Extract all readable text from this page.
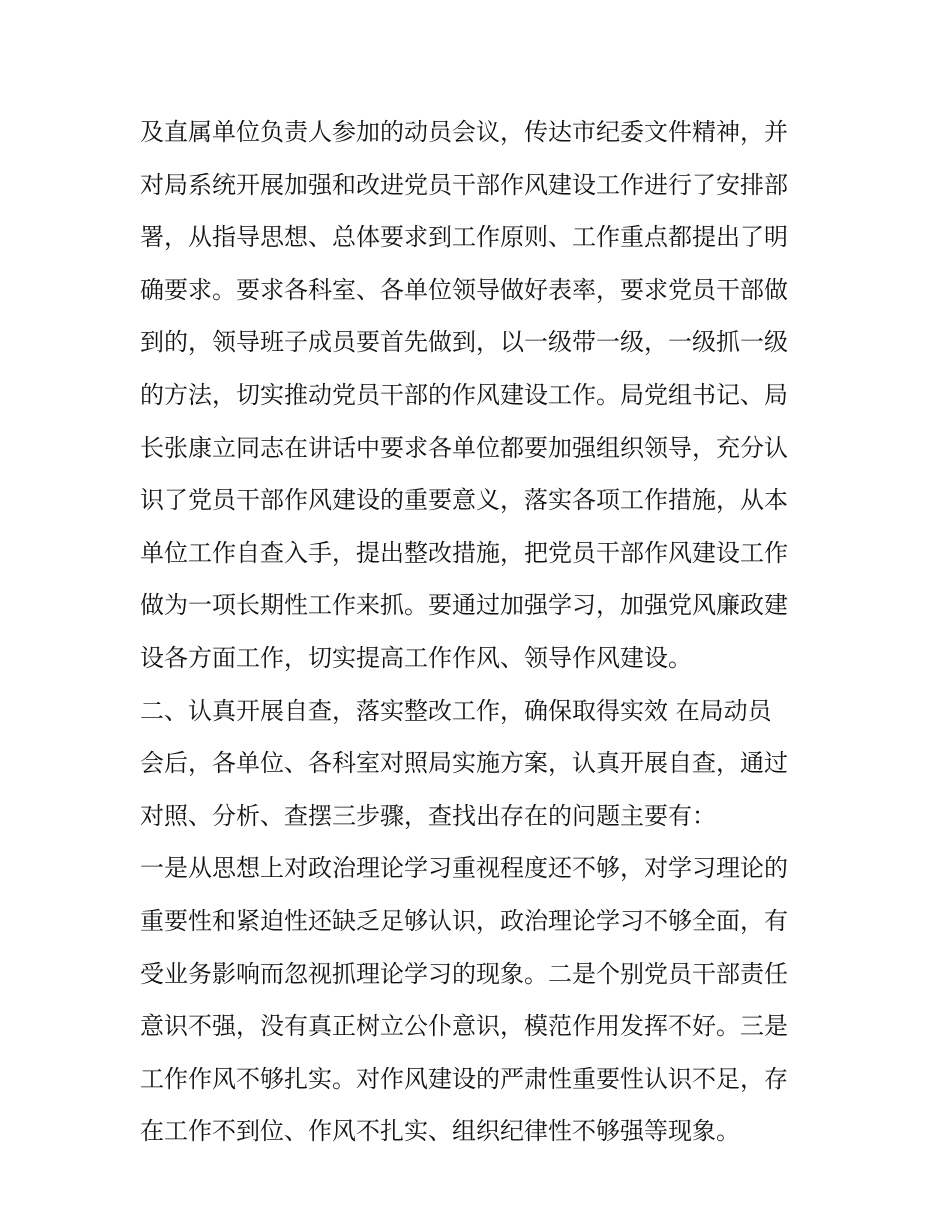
及直属单位负责人参加的动员会议，传达市纪委文件精神，并
对局系统开展加强和改进党员干部作风建设工作进行了安排部
署，从指导思想、总体要求到工作原则、工作重点都提出了明
确要求。要求各科室、各单位领导做好表率，要求党员干部做
到的，领导班子成员要首先做到，以一级带一级，一级抓一级
的方法，切实推动党员干部的作风建设工作。局党组书记、局
长张康立同志在讲话中要求各单位都要加强组织领导，充分认
识了党员干部作风建设的重要意义，落实各项工作措施，从本
单位工作自查入手，提出整改措施，把党员干部作风建设工作
做为一项长期性工作来抓。要通过加强学习，加强党风廉政建
设各方面工作，切实提高工作作风、领导作风建设。
二、认真开展自查，落实整改工作，确保取得实效 在局动员
会后，各单位、各科室对照局实施方案，认真开展自查，通过
对照、分析、查摆三步骤，查找出存在的问题主要有：
一是从思想上对政治理论学习重视程度还不够，对学习理论的
重要性和紧迫性还缺乏足够认识，政治理论学习不够全面，有
受业务影响而忽视抓理论学习的现象。二是个别党员干部责任
意识不强，没有真正树立公仆意识，模范作用发挥不好。三是
工作作风不够扎实。对作风建设的严肃性重要性认识不足，存
在工作不到位、作风不扎实、组织纪律性不够强等现象。
